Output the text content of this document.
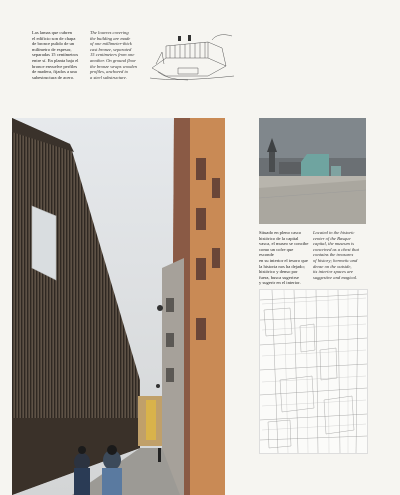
Las lamas que cubren
el edificio son de chapa
de bronce pulido de un
milímetro de espesor,
separadas 15 centímetros
entre sí. En planta baja el
bronce envuelve perfiles
de madera, fijados a una
subestructura de acero.
The louvres covering
the building are made
of one millimeter-thick
cast bronze, separated
15 centimeters from one
another. On ground floor
the bronze wraps wooden
profiles, anchored to
a steel substructure.
Situado en pleno casco
histórico de la capital
vasca, el museo se concibe
como un cofre que esconde
en su interior el tesoro que
la historia nos ha dejado;
histórico y denso por
fuera, busca sugerirse
y sugerir en el interior.
Located in the historic
center of the Basque
capital, the museum is
conceived as a chest that
contains the treasures
of history; hermetic and
dense on the outside,
its interior spaces are
suggestive and magical.
